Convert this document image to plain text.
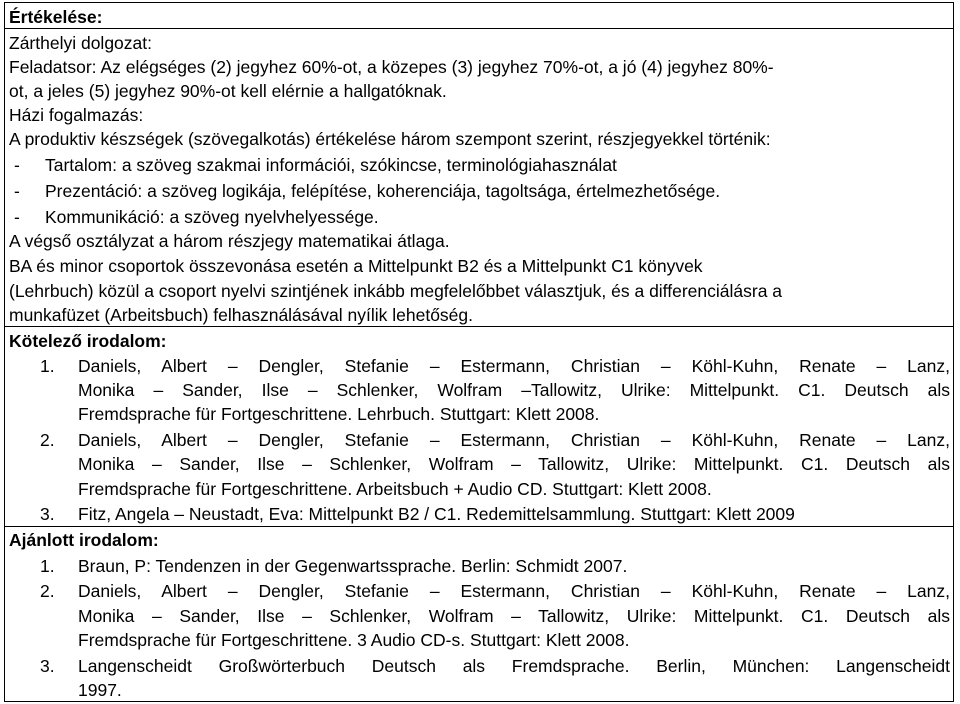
Értékelése:
Zárthelyi dolgozat:
Feladatsor: Az elégséges (2) jegyhez 60%-ot, a közepes (3) jegyhez 70%-ot, a jó (4) jegyhez 80%-
ot, a jeles (5) jegyhez 90%-ot kell elérnie a hallgatóknak.
Házi fogalmazás:
A produktiv készségek (szövegalkotás) értékelése három szempont szerint, részjegyekkel történik:
- Tartalom: a szöveg szakmai információi, szókincse, terminológiahasználat
- Prezentáció: a szöveg logikája, felépítése, koherenciája, tagoltsága, értelmezhetősége.
- Kommunikáció: a szöveg nyelvhelyessége.
A végső osztályzat a három részjegy matematikai átlaga.
BA és minor csoportok összevonása esetén a Mittelpunkt B2 és a Mittelpunkt C1 könyvek
(Lehrbuch) közül a csoport nyelvi szintjének inkább megfelelőbbet választjuk, és a differenciálásra a
munkafüzet (Arbeitsbuch) felhasználásával nyílik lehetőség.
Kötelező irodalom:
1. Daniels, Albert – Dengler, Stefanie – Estermann, Christian – Köhl-Kuhn, Renate – Lanz,
Monika – Sander, Ilse – Schlenker, Wolfram –Tallowitz, Ulrike: Mittelpunkt. C1. Deutsch als
Fremdsprache für Fortgeschrittene. Lehrbuch. Stuttgart: Klett 2008.
2. Daniels, Albert – Dengler, Stefanie – Estermann, Christian – Köhl-Kuhn, Renate – Lanz,
Monika – Sander, Ilse – Schlenker, Wolfram – Tallowitz, Ulrike: Mittelpunkt. C1. Deutsch als
Fremdsprache für Fortgeschrittene. Arbeitsbuch + Audio CD. Stuttgart: Klett 2008.
3. Fitz, Angela – Neustadt, Eva: Mittelpunkt B2 / C1. Redemittelsammlung. Stuttgart: Klett 2009
Ajánlott irodalom:
1. Braun, P: Tendenzen in der Gegenwartssprache. Berlin: Schmidt 2007.
2. Daniels, Albert – Dengler, Stefanie – Estermann, Christian – Köhl-Kuhn, Renate – Lanz,
Monika – Sander, Ilse – Schlenker, Wolfram – Tallowitz, Ulrike: Mittelpunkt. C1. Deutsch als
Fremdsprache für Fortgeschrittene. 3 Audio CD-s. Stuttgart: Klett 2008.
3. Langenscheidt Großwörterbuch Deutsch als Fremdsprache. Berlin, München: Langenscheidt
1997.
